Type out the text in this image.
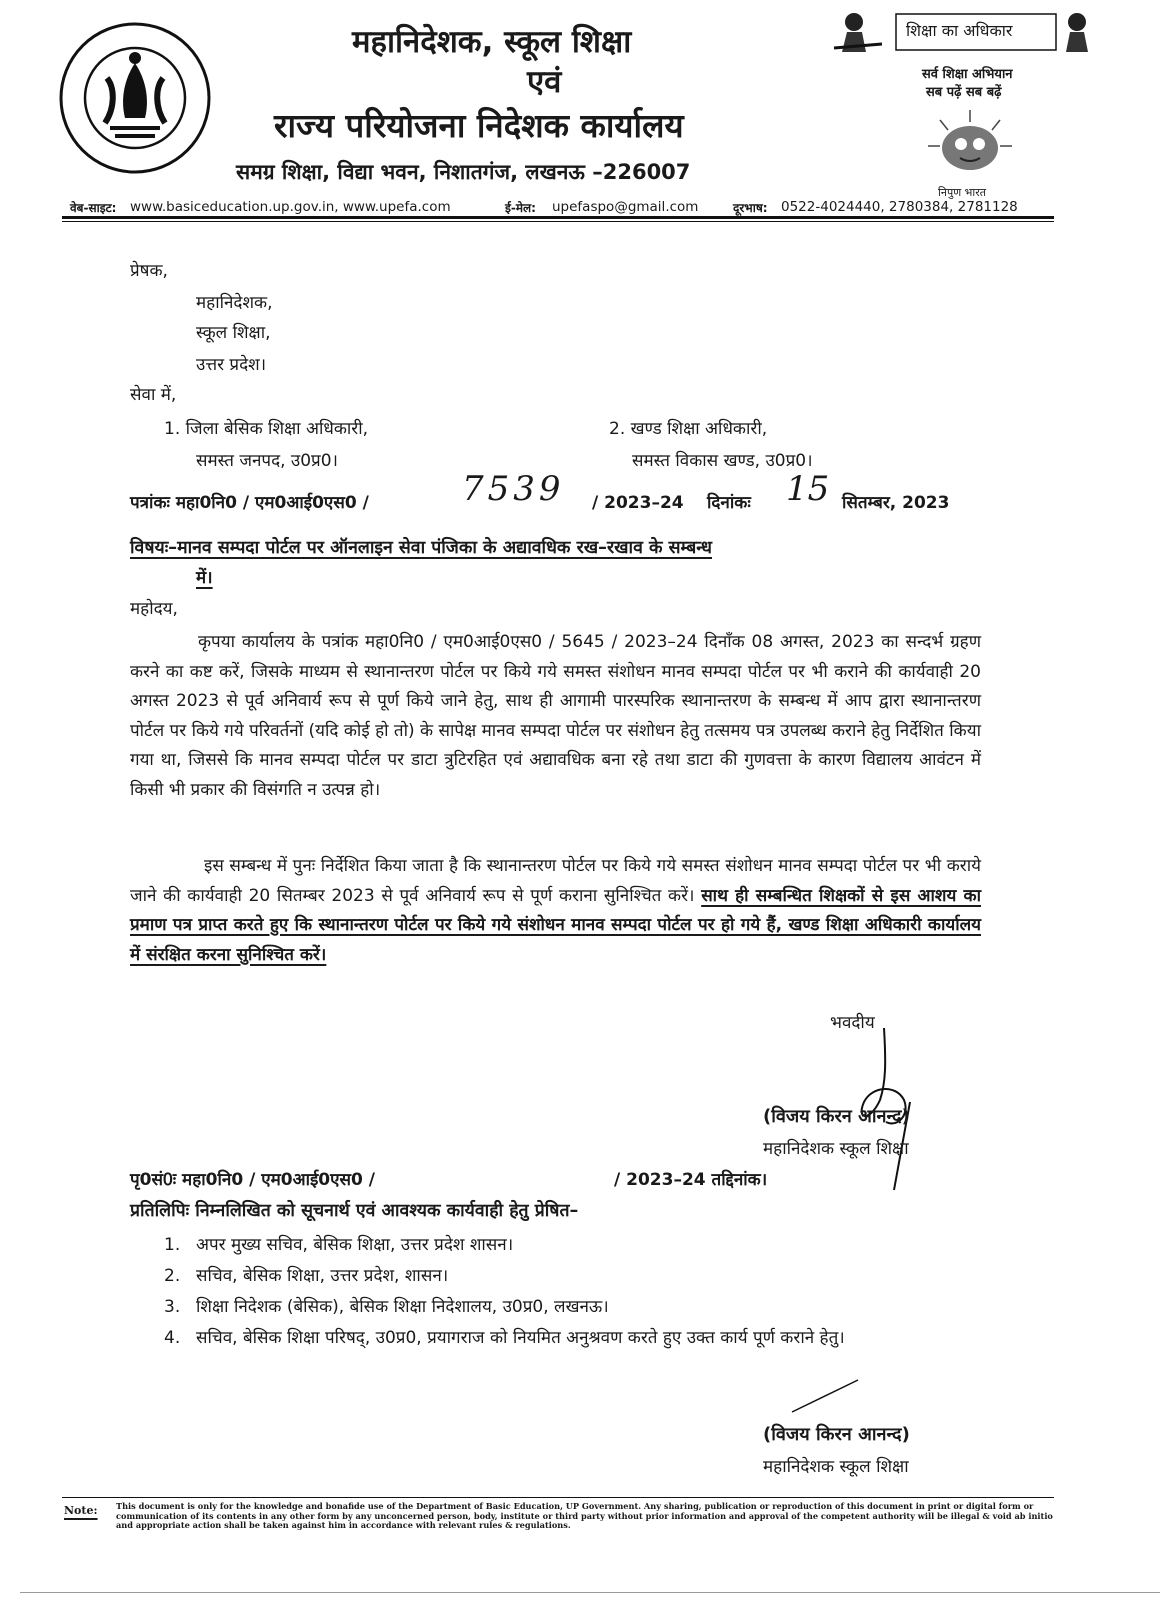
महानिदेशक, स्कूल शिक्षा
एवं
राज्य परियोजना निदेशक कार्यालय
समग्र शिक्षा, विद्या भवन, निशातगंज, लखनऊ –226007
शिक्षा का अधिकार
सर्व शिक्षा अभियान
सब पढ़ें सब बढ़ें
निपुण भारत
वेब-साइट: www.basiceducation.up.gov.in, www.upefa.com	ई-मेल: upefaspo@gmail.com	दूरभाष: 0522-4024440, 2780384, 2781128
प्रेषक,
महानिदेशक,
स्कूल शिक्षा,
उत्तर प्रदेश।
सेवा में,
1. जिला बेसिक शिक्षा अधिकारी,
समस्त जनपद, उ0प्र0।
2. खण्ड शिक्षा अधिकारी,
समस्त विकास खण्ड, उ0प्र0।
पत्रांकः महा0नि0 / एम0आई0एस0 /	7539 / 2023–24 दिनांकः 15 सितम्बर, 2023
विषयः–मानव सम्पदा पोर्टल पर ऑनलाइन सेवा पंजिका के अद्यावधिक रख–रखाव के सम्बन्ध
में।
महोदय,
कृपया कार्यालय के पत्रांक महा0नि0 / एम0आई0एस0 / 5645 / 2023–24 दिनाँक 08 अगस्त, 2023 का सन्दर्भ ग्रहण करने का कष्ट करें, जिसके माध्यम से स्थानान्तरण पोर्टल पर किये गये समस्त संशोधन मानव सम्पदा पोर्टल पर भी कराने की कार्यवाही 20 अगस्त 2023 से पूर्व अनिवार्य रूप से पूर्ण किये जाने हेतु, साथ ही आगामी पारस्परिक स्थानान्तरण के सम्बन्ध में आप द्वारा स्थानान्तरण पोर्टल पर किये गये परिवर्तनों (यदि कोई हो तो) के सापेक्ष मानव सम्पदा पोर्टल पर संशोधन हेतु तत्समय पत्र उपलब्ध कराने हेतु निर्देशित किया गया था, जिससे कि मानव सम्पदा पोर्टल पर डाटा त्रुटिरहित एवं अद्यावधिक बना रहे तथा डाटा की गुणवत्ता के कारण विद्यालय आवंटन में किसी भी प्रकार की विसंगति न उत्पन्न हो।
इस सम्बन्ध में पुनः निर्देशित किया जाता है कि स्थानान्तरण पोर्टल पर किये गये समस्त संशोधन मानव सम्पदा पोर्टल पर भी कराये जाने की कार्यवाही 20 सितम्बर 2023 से पूर्व अनिवार्य रूप से पूर्ण कराना सुनिश्चित करें। साथ ही सम्बन्धित शिक्षकों से इस आशय का प्रमाण पत्र प्राप्त करते हुए कि स्थानान्तरण पोर्टल पर किये गये संशोधन मानव सम्पदा पोर्टल पर हो गये हैं, खण्ड शिक्षा अधिकारी कार्यालय में संरक्षित करना सुनिश्चित करें।
भवदीय
(विजय किरन आनन्द)
महानिदेशक स्कूल शिक्षा
पृ0सं0ः महा0नि0 / एम0आई0एस0 /	/ 2023–24 तद्दिनांक।
प्रतिलिपिः निम्नलिखित को सूचनार्थ एवं आवश्यक कार्यवाही हेतु प्रेषित–
1. अपर मुख्य सचिव, बेसिक शिक्षा, उत्तर प्रदेश शासन।
2. सचिव, बेसिक शिक्षा, उत्तर प्रदेश, शासन।
3. शिक्षा निदेशक (बेसिक), बेसिक शिक्षा निदेशालय, उ0प्र0, लखनऊ।
4. सचिव, बेसिक शिक्षा परिषद्, उ0प्र0, प्रयागराज को नियमित अनुश्रवण करते हुए उक्त कार्य पूर्ण कराने हेतु।
(विजय किरन आनन्द)
महानिदेशक स्कूल शिक्षा
Note: This document is only for the knowledge and bonafide use of the Department of Basic Education, UP Government. Any sharing, publication or reproduction of this document in print or digital form or communication of its contents in any other form by any unconcerned person, body, institute or third party without prior information and approval of the competent authority will be illegal & void ab initio and appropriate action shall be taken against him in accordance with relevant rules & regulations.
